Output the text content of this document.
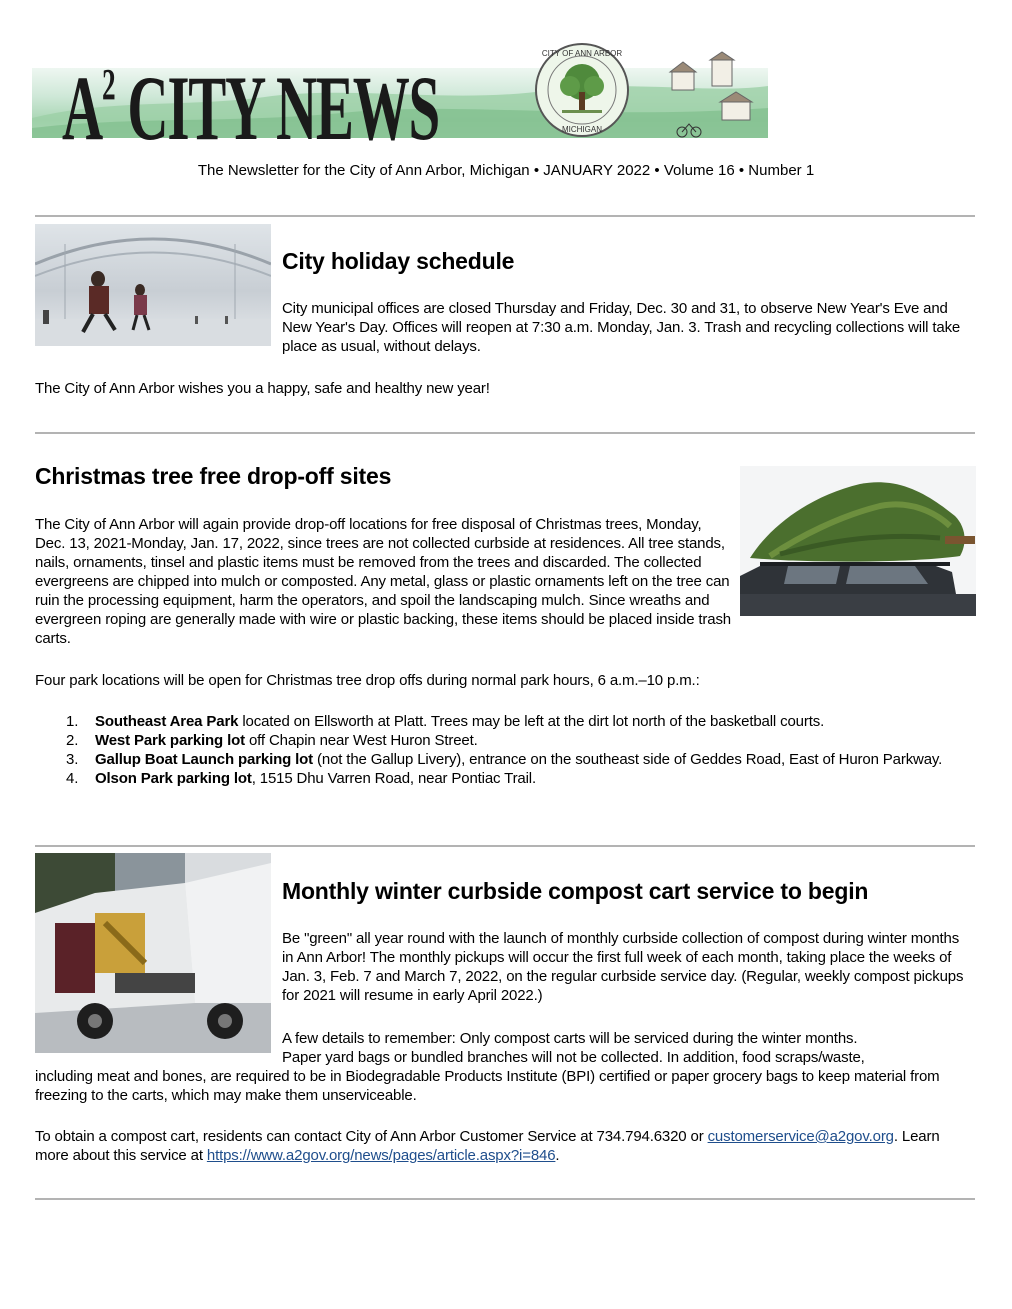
$A^2$ CITY NEWS
CITY OF ANN ARBOR
MICHIGAN
The Newsletter for the City of Ann Arbor, Michigan • JANUARY 2022 • Volume 16 • Number 1
City holiday schedule

City municipal offices are closed Thursday and Friday, Dec. 30 and 31, to observe New Year's Eve and New Year's Day. Offices will reopen at 7:30 a.m. Monday, Jan. 3. Trash and recycling collections will take place as usual, without delays.

The City of Ann Arbor wishes you a happy, safe and healthy new year!

Christmas tree free drop-off sites

The City of Ann Arbor will again provide drop-off locations for free disposal of Christmas trees, Monday, Dec. 13, 2021-Monday, Jan. 17, 2022, since trees are not collected curbside at residences. All tree stands, nails, ornaments, tinsel and plastic items must be removed from the trees and discarded. The collected evergreens are chipped into mulch or composted. Any metal, glass or plastic ornaments left on the tree can ruin the processing equipment, harm the operators, and spoil the landscaping mulch. Since wreaths and evergreen roping are generally made with wire or plastic backing, these items should be placed inside trash carts.

Four park locations will be open for Christmas tree drop offs during normal park hours, 6 a.m.–10 p.m.:

1. Southeast Area Park located on Ellsworth at Platt. Trees may be left at the dirt lot north of the basketball courts.
2. West Park parking lot off Chapin near West Huron Street.
3. Gallup Boat Launch parking lot (not the Gallup Livery), entrance on the southeast side of Geddes Road, East of Huron Parkway.
4. Olson Park parking lot, 1515 Dhu Varren Road, near Pontiac Trail.
Monthly winter curbside compost cart service to begin

Be "green" all year round with the launch of monthly curbside collection of compost during winter months in Ann Arbor! The monthly pickups will occur the first full week of each month, taking place the weeks of Jan. 3, Feb. 7 and March 7, 2022, on the regular curbside service day. (Regular, weekly compost pickups for 2021 will resume in early April 2022.)

A few details to remember: Only compost carts will be serviced during the winter months.

Paper yard bags or bundled branches will not be collected. In addition, food scraps/waste,

including meat and bones, are required to be in Biodegradable Products Institute (BPI) certified or paper grocery bags to keep material from freezing to the carts, which may make them unserviceable.

To obtain a compost cart, residents can contact City of Ann Arbor Customer Service at 734.794.6320 or customerservice@a2gov.org. Learn more about this service at https://www.a2gov.org/news/pages/article.aspx?i=846.
